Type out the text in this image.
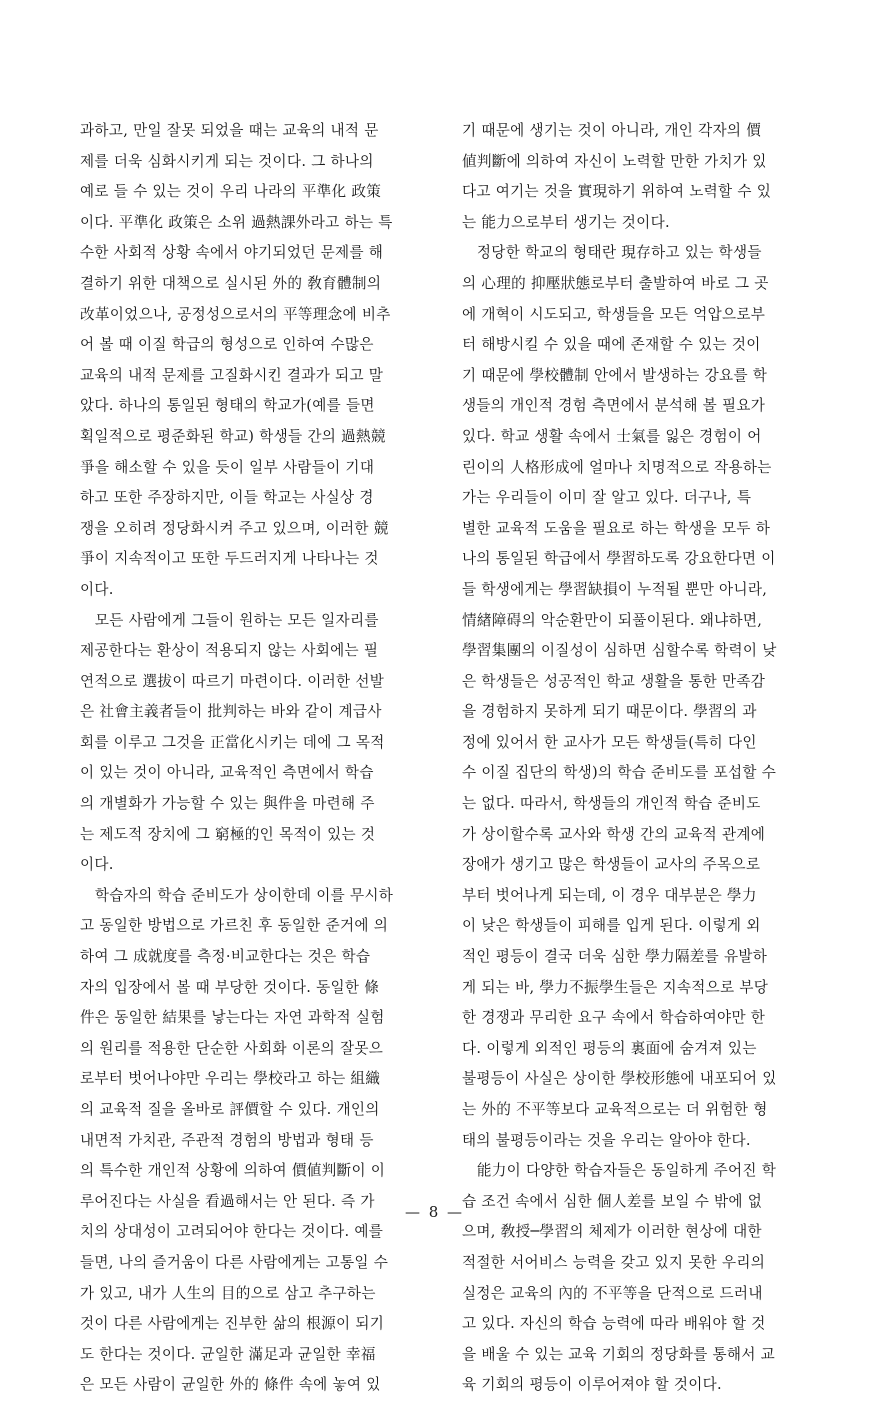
과하고, 만일 잘못 되었을 때는 교육의 내적 문
제를 더욱 심화시키게 되는 것이다. 그 하나의
예로 들 수 있는 것이 우리 나라의 平準化 政策
이다. 平準化 政策은 소위 過熱課外라고 하는 특
수한 사회적 상황 속에서 야기되었던 문제를 해
결하기 위한 대책으로 실시된 外的 敎育體制의
改革이었으나, 공정성으로서의 平等理念에 비추
어 볼 때 이질 학급의 형성으로 인하여 수많은
교육의 내적 문제를 고질화시킨 결과가 되고 말
았다. 하나의 통일된 형태의 학교가(예를 들면
획일적으로 평준화된 학교) 학생들 간의 過熱競
爭을 해소할 수 있을 듯이 일부 사람들이 기대
하고 또한 주장하지만, 이들 학교는 사실상 경
쟁을 오히려 정당화시켜 주고 있으며, 이러한 競
爭이 지속적이고 또한 두드러지게 나타나는 것
이다.
　모든 사람에게 그들이 원하는 모든 일자리를
제공한다는 환상이 적용되지 않는 사회에는 필
연적으로 選拔이 따르기 마련이다. 이러한 선발
은 社會主義者들이 批判하는 바와 같이 계급사
회를 이루고 그것을 正當化시키는 데에 그 목적
이 있는 것이 아니라, 교육적인 측면에서 학습
의 개별화가 가능할 수 있는 與件을 마련해 주
는 제도적 장치에 그 窮極的인 목적이 있는 것
이다.
　학습자의 학습 준비도가 상이한데 이를 무시하
고 동일한 방법으로 가르친 후 동일한 준거에 의
하여 그 成就度를 측정·비교한다는 것은 학습
자의 입장에서 볼 때 부당한 것이다. 동일한 條
件은 동일한 結果를 낳는다는 자연 과학적 실험
의 원리를 적용한 단순한 사회화 이론의 잘못으
로부터 벗어나야만 우리는 學校라고 하는 組織
의 교육적 질을 올바로 評價할 수 있다. 개인의
내면적 가치관, 주관적 경험의 방법과 형태 등
의 특수한 개인적 상황에 의하여 價値判斷이 이
루어진다는 사실을 看過해서는 안 된다. 즉 가
치의 상대성이 고려되어야 한다는 것이다. 예를
들면, 나의 즐거움이 다른 사람에게는 고통일 수
가 있고, 내가 人生의 目的으로 삼고 추구하는
것이 다른 사람에게는 진부한 삶의 根源이 되기
도 한다는 것이다. 균일한 滿足과 균일한 幸福
은 모든 사람이 균일한 外的 條件 속에 놓여 있
기 때문에 생기는 것이 아니라, 개인 각자의 價
値判斷에 의하여 자신이 노력할 만한 가치가 있
다고 여기는 것을 實現하기 위하여 노력할 수 있
는 能力으로부터 생기는 것이다.
　정당한 학교의 형태란 現存하고 있는 학생들
의 心理的 抑壓狀態로부터 출발하여 바로 그 곳
에 개혁이 시도되고, 학생들을 모든 억압으로부
터 해방시킬 수 있을 때에 존재할 수 있는 것이
기 때문에 學校體制 안에서 발생하는 강요를 학
생들의 개인적 경험 측면에서 분석해 볼 필요가
있다. 학교 생활 속에서 士氣를 잃은 경험이 어
린이의 人格形成에 얼마나 치명적으로 작용하는
가는 우리들이 이미 잘 알고 있다. 더구나, 특
별한 교육적 도움을 필요로 하는 학생을 모두 하
나의 통일된 학급에서 學習하도록 강요한다면 이
들 학생에게는 學習缺損이 누적될 뿐만 아니라,
情緖障碍의 악순환만이 되풀이된다. 왜냐하면,
學習集團의 이질성이 심하면 심할수록 학력이 낮
은 학생들은 성공적인 학교 생활을 통한 만족감
을 경험하지 못하게 되기 때문이다. 學習의 과
정에 있어서 한 교사가 모든 학생들(특히 다인
수 이질 집단의 학생)의 학습 준비도를 포섭할 수
는 없다. 따라서, 학생들의 개인적 학습 준비도
가 상이할수록 교사와 학생 간의 교육적 관계에
장애가 생기고 많은 학생들이 교사의 주목으로
부터 벗어나게 되는데, 이 경우 대부분은 學力
이 낮은 학생들이 피해를 입게 된다. 이렇게 외
적인 평등이 결국 더욱 심한 學力隔差를 유발하
게 되는 바, 學力不振學生들은 지속적으로 부당
한 경쟁과 무리한 요구 속에서 학습하여야만 한
다. 이렇게 외적인 평등의 裏面에 숨겨져 있는
불평등이 사실은 상이한 學校形態에 내포되어 있
는 外的 不平等보다 교육적으로는 더 위험한 형
태의 불평등이라는 것을 우리는 알아야 한다.
　能力이 다양한 학습자들은 동일하게 주어진 학
습 조건 속에서 심한 個人差를 보일 수 밖에 없
으며, 敎授─學習의 체제가 이러한 현상에 대한
적절한 서어비스 능력을 갖고 있지 못한 우리의
실정은 교육의 內的 不平等을 단적으로 드러내
고 있다. 자신의 학습 능력에 따라 배워야 할 것
을 배울 수 있는 교육 기회의 정당화를 통해서 교
육 기회의 평등이 이루어져야 할 것이다.
— 8 —
